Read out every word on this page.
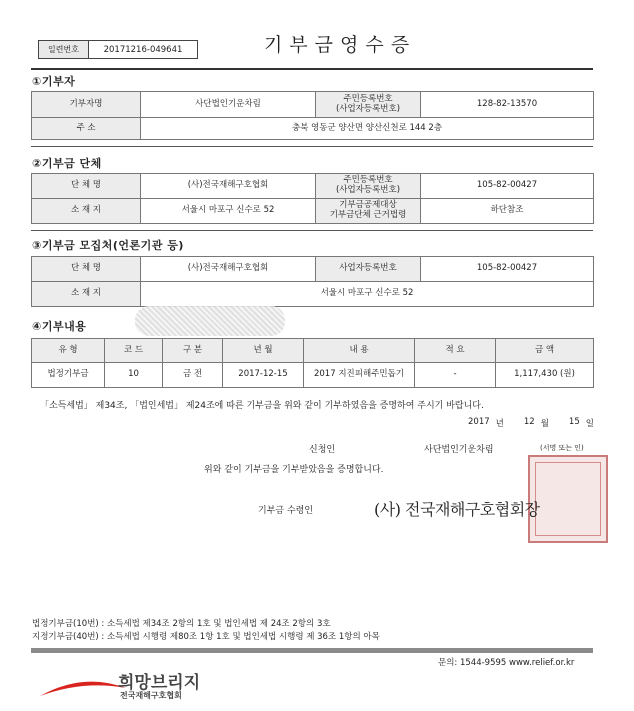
일련번호	20171216-049641	기부금영수증
①기부자
기부자명	사단법인기운차림	주민등록번호
(사업자등록번호)	128-82-13570
주 소	충북 영동군 양산면 양산신천로 144 2층		
②기부금 단체
단 체 명	(사)전국재해구호협회	주민등록번호
(사업자등록번호)	105-82-00427
소 재 지	서울시 마포구 신수로 52	기부금공제대상
기부금단체 근거법령	하단참조
③기부금 모집처(언론기관 등)
단 체 명	(사)전국재해구호협회	사업자등록번호	105-82-00427
소 재 지	서울시 마포구 신수로 52		
④기부내용
유 형	코 드	구 분	년 월	내 용	적 요	금 액
법정기부금	10	금 전	2017-12-15	2017 지진피해주민돕기	-	1,117,430 (원)
「소득세법」 제34조, 「법인세법」 제24조에 따른 기부금을 위와 같이 기부하였음을 증명하여 주시기 바랍니다.
2017 년 12 월 15 일
신청인	사단법인기운차림	(서명 또는 인)
위와 같이 기부금을 기부받았음을 증명합니다.
기부금 수령인	(사) 전국재해구호협회장
법정기부금(10번) : 소득세법 제34조 2항의 1호 및 법인세법 제 24조 2항의 3호
지정기부금(40번) : 소득세법 시행령 제80조 1항 1호 및 법인세법 시행령 제 36조 1항의 아목
문의: 1544-9595 www.relief.or.kr
희망브리지
전국재해구호협회
